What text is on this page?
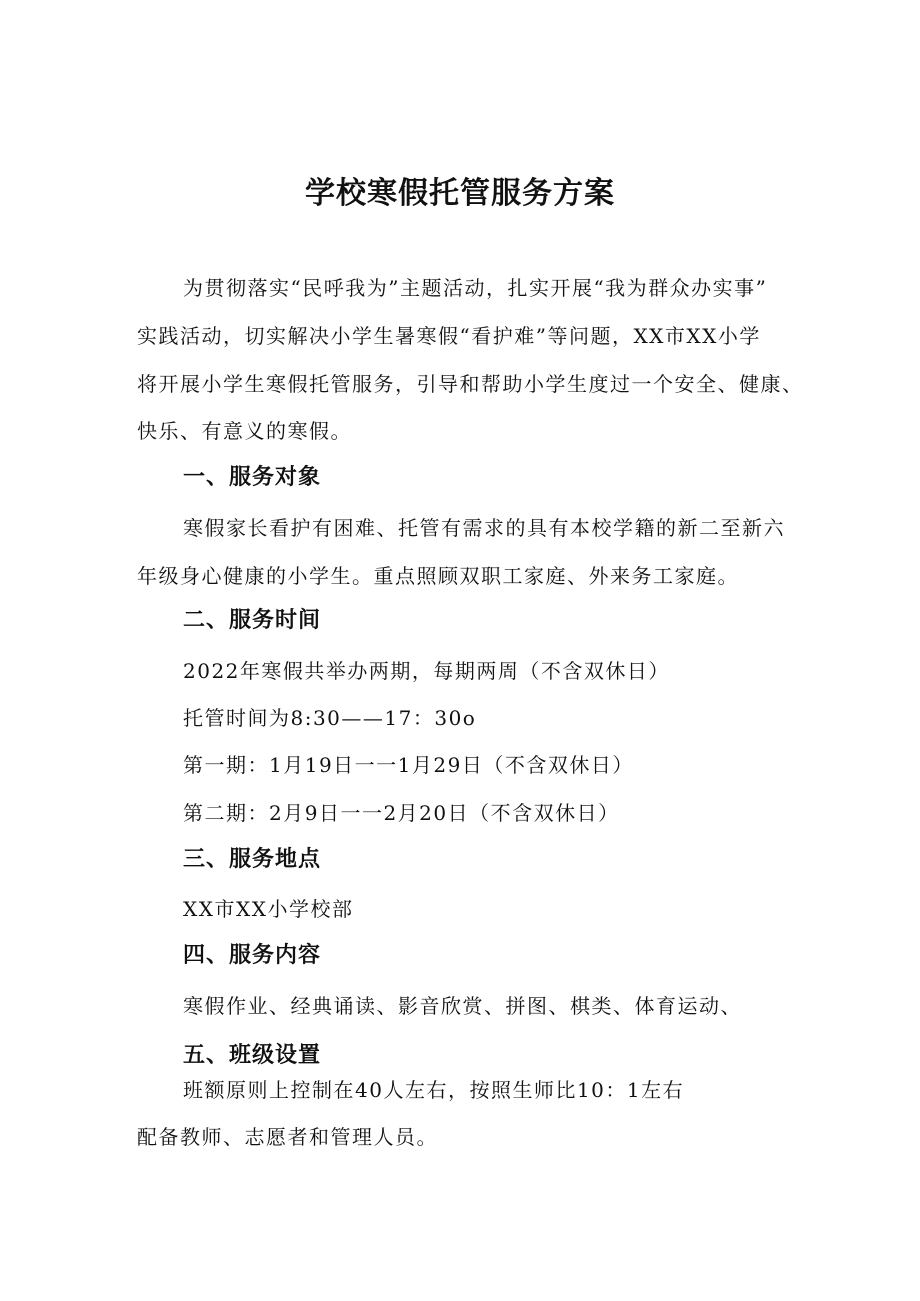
学校寒假托管服务方案

为贯彻落实“民呼我为”主题活动，扎实开展“我为群众办实事”

实践活动，切实解决小学生暑寒假“看护难”等问题，XX市XX小学

将开展小学生寒假托管服务，引导和帮助小学生度过一个安全、健康、

快乐、有意义的寒假。

一、服务对象

寒假家长看护有困难、托管有需求的具有本校学籍的新二至新六

年级身心健康的小学生。重点照顾双职工家庭、外来务工家庭。

二、服务时间

2022年寒假共举办两期，每期两周（不含双休日）

托管时间为8:30——17：30o

第一期：1月19日一一1月29日（不含双休日）

第二期：2月9日一一2月20日（不含双休日）

三、服务地点

XX市XX小学校部

四、服务内容

寒假作业、经典诵读、影音欣赏、拼图、棋类、体育运动、

五、班级设置

班额原则上控制在40人左右，按照生师比10：1左右

配备教师、志愿者和管理人员。
